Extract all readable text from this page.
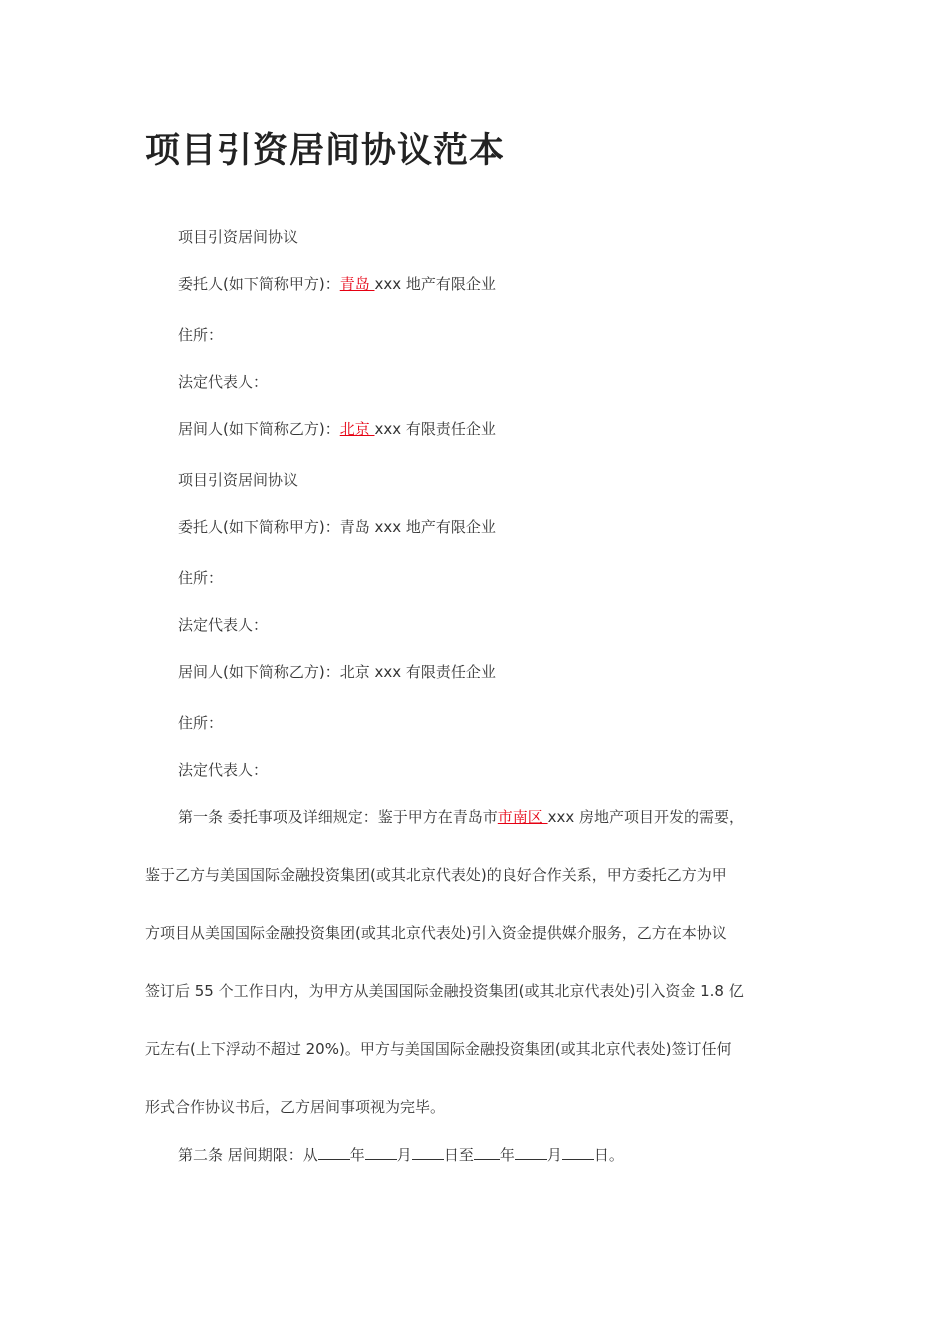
项目引资居间协议范本
项目引资居间协议
委托人(如下简称甲方)：青岛 xxx 地产有限企业
住所：
法定代表人：
居间人(如下简称乙方)：北京 xxx 有限责任企业
项目引资居间协议
委托人(如下简称甲方)：青岛 xxx 地产有限企业
住所：
法定代表人：
居间人(如下简称乙方)：北京 xxx 有限责任企业
住所：
法定代表人：
第一条 委托事项及详细规定：鉴于甲方在青岛市市南区 xxx 房地产项目开发的需要，
鉴于乙方与美国国际金融投资集团(或其北京代表处)的良好合作关系，甲方委托乙方为甲
方项目从美国国际金融投资集团(或其北京代表处)引入资金提供媒介服务，乙方在本协议
签订后 55 个工作日内，为甲方从美国国际金融投资集团(或其北京代表处)引入资金 1.8 亿
元左右(上下浮动不超过 20%)。甲方与美国国际金融投资集团(或其北京代表处)签订任何
形式合作协议书后，乙方居间事项视为完毕。
第二条 居间期限：从 年 月 日至 年 月 日。
